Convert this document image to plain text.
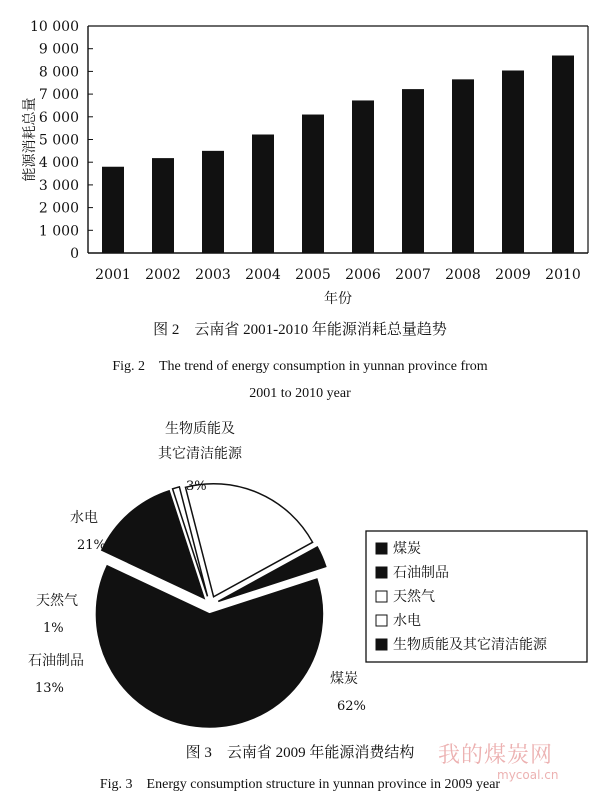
0
1 000
2 000
3 000
4 000
5 000
6 000
7 000
8 000
9 000
10 000
2001 2002 2003 2004 2005 2006 2007 2008 2009 2010
年份
能源消耗总量
煤炭
62%
石油制品
13%
天然气
1%
水电
21%
生物质能及
其它清洁能源
3%
煤炭
石油制品
天然气
水电
生物质能及其它清洁能源
图 2　云南省 2001-2010 年能源消耗总量趋势
Fig. 2　The trend of energy consumption in yunnan province from
2001 to 2010 year
图 3　云南省 2009 年能源消费结构
Fig. 3　Energy consumption structure in yunnan province in 2009 year
我的煤炭网
mycoal.cn
